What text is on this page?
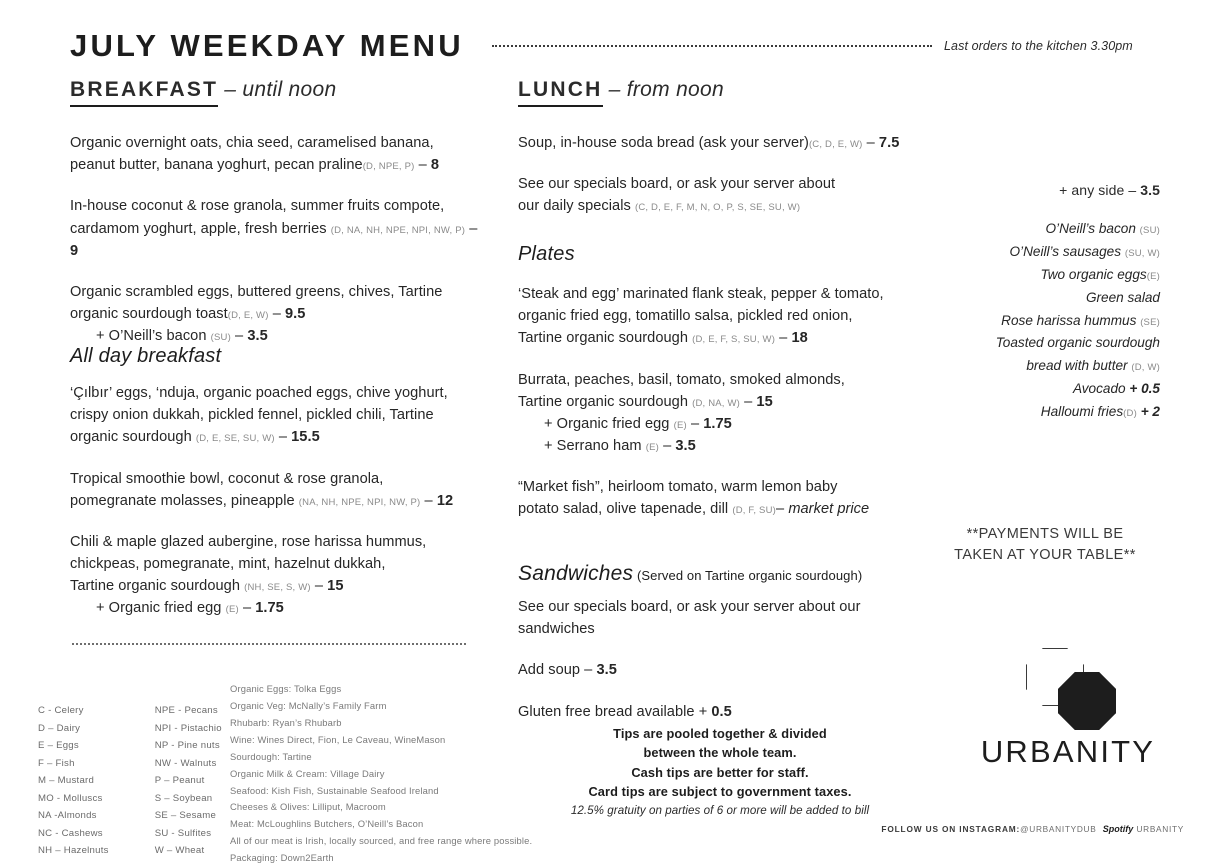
JULY WEEKDAY MENU	Last orders to the kitchen 3.30pm
BREAKFAST – until noon

Organic overnight oats, chia seed, caramelised banana,
peanut butter, banana yoghurt, pecan praline(D, NPE, P) – 8

In-house coconut & rose granola, summer fruits compote,
cardamom yoghurt, apple, fresh berries (D, NA, NH, NPE, NPI, NW, P) – 9

Organic scrambled eggs, buttered greens, chives, Tartine
organic sourdough toast(D, E, W) – 9.5

+ O’Neill’s bacon (SU) – 3.5

All day breakfast

‘Çılbır’ eggs, ‘nduja, organic poached eggs, chive yoghurt,
crispy onion dukkah, pickled fennel, pickled chili, Tartine
organic sourdough (D, E, SE, SU, W) – 15.5

Tropical smoothie bowl, coconut & rose granola,
pomegranate molasses, pineapple (NA, NH, NPE, NPI, NW, P) – 12

Chili & maple glazed aubergine, rose harissa hummus,
chickpeas, pomegranate, mint, hazelnut dukkah,
Tartine organic sourdough (NH, SE, S, W) – 15

+ Organic fried egg (E) – 1.75

LUNCH – from noon

Soup, in-house soda bread (ask your server)(C, D, E, W) – 7.5

See our specials board, or ask your server about
our daily specials (C, D, E, F, M, N, O, P, S, SE, SU, W)

Plates

‘Steak and egg’ marinated flank steak, pepper & tomato,
organic fried egg, tomatillo salsa, pickled red onion,
Tartine organic sourdough (D, E, F, S, SU, W) – 18

Burrata, peaches, basil, tomato, smoked almonds,
Tartine organic sourdough (D, NA, W) – 15

+ Organic fried egg (E) – 1.75

+ Serrano ham (E) – 3.5

“Market fish”, heirloom tomato, warm lemon baby
potato salad, olive tapenade, dill (D, F, SU)– market price

Sandwiches (Served on Tartine organic sourdough)

See our specials board, or ask your server about our
sandwiches

Add soup – 3.5

Gluten free bread available + 0.5

+ any side – 3.5
O’Neill’s bacon (SU)
O’Neill’s sausages (SU, W)
Two organic eggs(E)
Green salad
Rose harissa hummus (SE)
Toasted organic sourdough
bread with butter (D, W)
Avocado + 0.5
Halloumi fries(D) + 2
**PAYMENTS WILL BE
TAKEN AT YOUR TABLE**
URBANITY
FOLLOW US ON INSTAGRAM:@URBANITYDUB Spotify URBANITY
C - Celery
D – Dairy
E – Eggs
F – Fish
M – Mustard
MO - Molluscs
NA -Almonds
NC - Cashews
NH – Hazelnuts
NPE - Pecans
NPI - Pistachio
NP - Pine nuts
NW - Walnuts
P – Peanut
S – Soybean
SE – Sesame
SU - Sulfites
W – Wheat
Organic Eggs: Tolka Eggs
Organic Veg: McNally’s Family Farm
Rhubarb: Ryan’s Rhubarb
Wine: Wines Direct, Fion, Le Caveau, WineMason
Sourdough: Tartine
Organic Milk & Cream: Village Dairy
Seafood: Kish Fish, Sustainable Seafood Ireland
Cheeses & Olives: Lilliput, Macroom
Meat: McLoughlins Butchers, O’Neill’s Bacon
All of our meat is Irish, locally sourced, and free range where possible.
Packaging: Down2Earth
Tips are pooled together & divided
between the whole team.
Cash tips are better for staff.
Card tips are subject to government taxes.
12.5% gratuity on parties of 6 or more will be added to bill
